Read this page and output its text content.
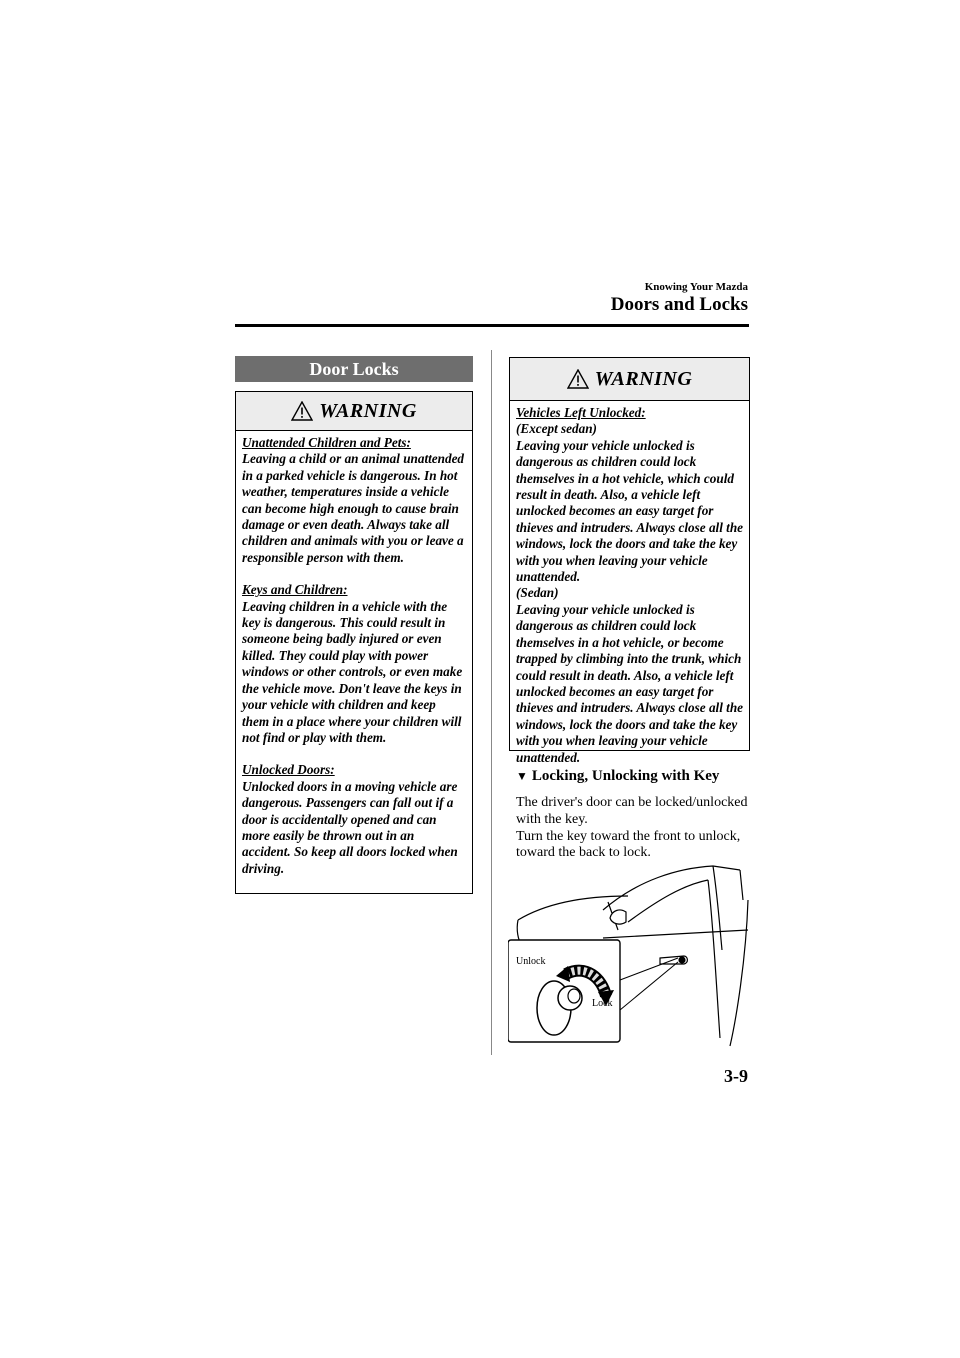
Knowing Your Mazda
Doors and Locks
Door Locks
WARNING

Unattended Children and Pets:

Leaving a child or an animal unattended in a parked vehicle is dangerous. In hot weather, temperatures inside a vehicle can become high enough to cause brain damage or even death. Always take all children and animals with you or leave a responsible person with them.

Keys and Children:

Leaving children in a vehicle with the key is dangerous. This could result in someone being badly injured or even killed. They could play with power windows or other controls, or even make the vehicle move. Don't leave the keys in your vehicle with children and keep them in a place where your children will not find or play with them.

Unlocked Doors:

Unlocked doors in a moving vehicle are dangerous. Passengers can fall out if a door is accidentally opened and can more easily be thrown out in an accident. So keep all doors locked when driving.

WARNING

Vehicles Left Unlocked:

(Except sedan)

Leaving your vehicle unlocked is dangerous as children could lock themselves in a hot vehicle, which could result in death. Also, a vehicle left unlocked becomes an easy target for thieves and intruders. Always close all the windows, lock the doors and take the key with you when leaving your vehicle unattended.

(Sedan)

Leaving your vehicle unlocked is dangerous as children could lock themselves in a hot vehicle, or become trapped by climbing into the trunk, which could result in death. Also, a vehicle left unlocked becomes an easy target for thieves and intruders. Always close all the windows, lock the doors and take the key with you when leaving your vehicle unattended.

▼ Locking, Unlocking with Key

The driver's door can be locked/unlocked with the key.

Turn the key toward the front to unlock, toward the back to lock.

Unlock
Lock
3-9
